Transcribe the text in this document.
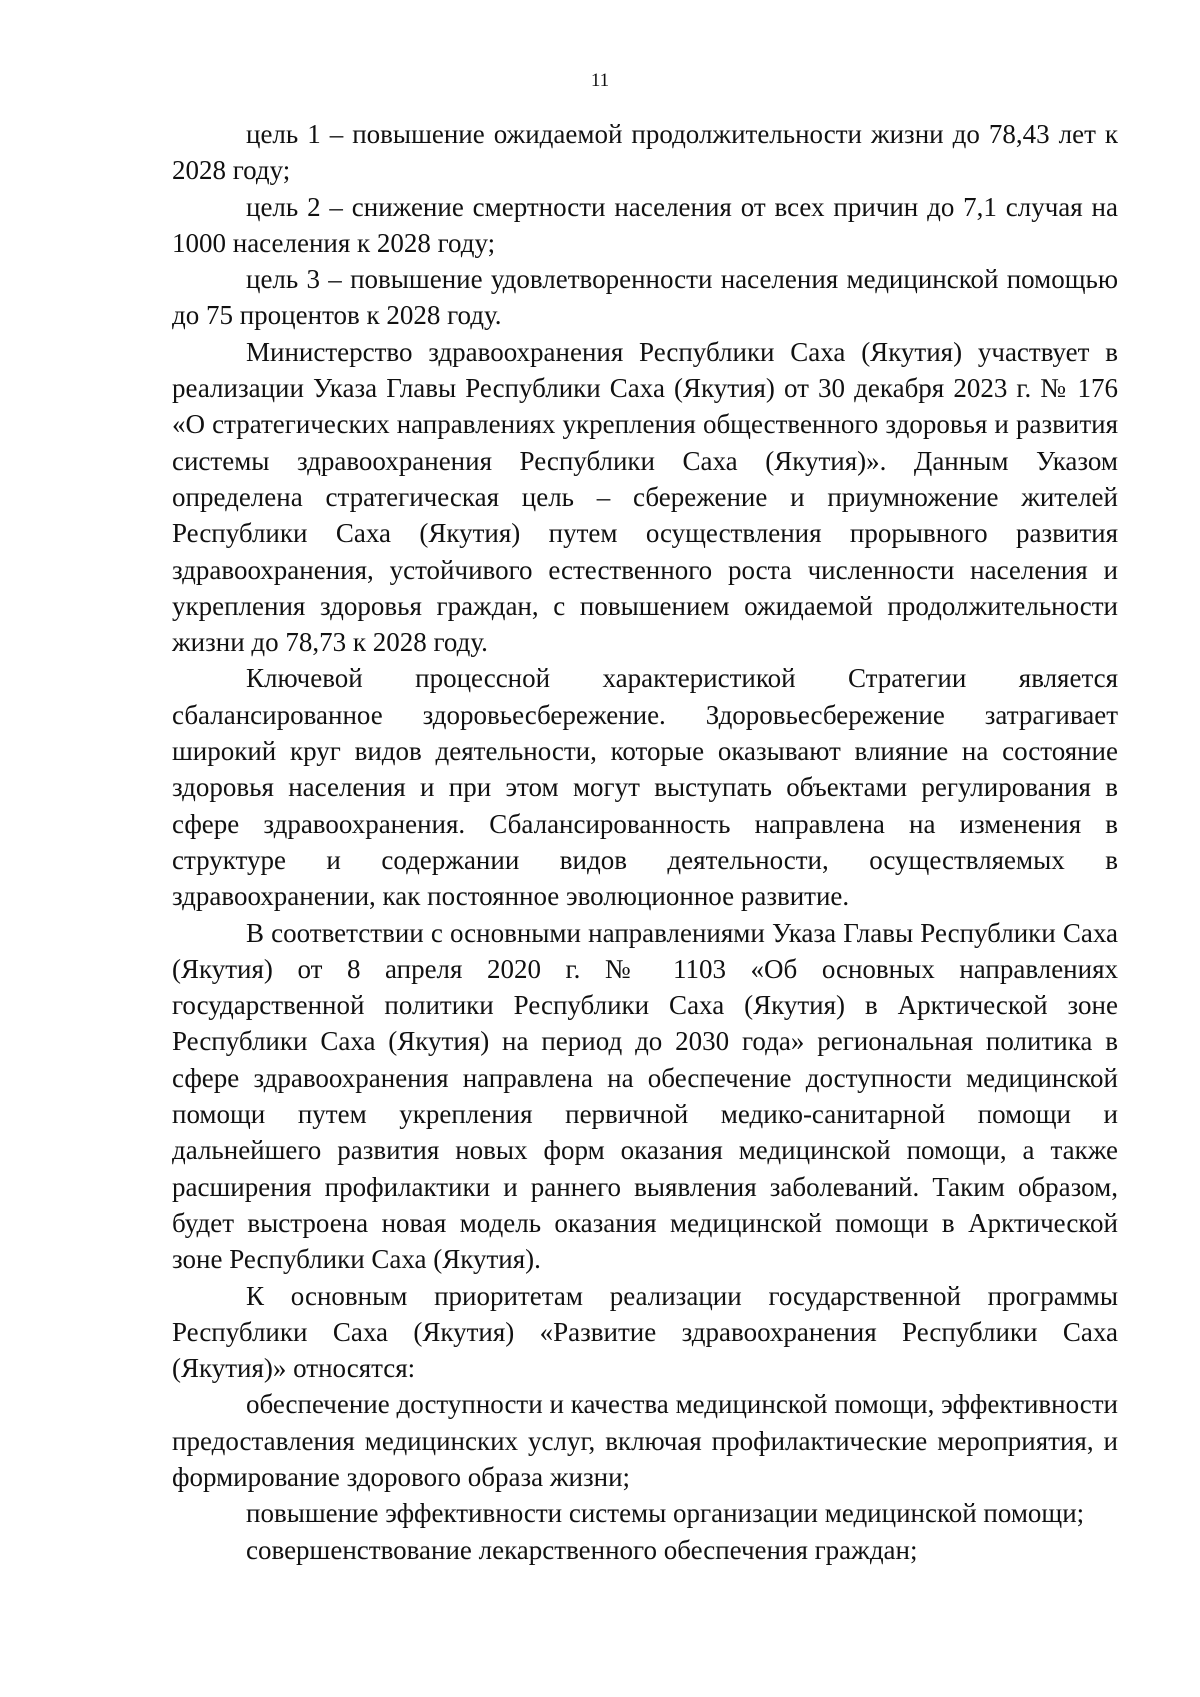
11

цель 1 – повышение ожидаемой продолжительности жизни до 78,43 лет к 2028 году;

цель 2 – снижение смертности населения от всех причин до 7,1 случая на 1000 населения к 2028 году;

цель 3 – повышение удовлетворенности населения медицинской помощью до 75 процентов к 2028 году.

Министерство здравоохранения Республики Саха (Якутия) участвует в реализации Указа Главы Республики Саха (Якутия) от 30 декабря 2023 г. № 176 «О стратегических направлениях укрепления общественного здоровья и развития системы здравоохранения Республики Саха (Якутия)». Данным Указом определена стратегическая цель – сбережение и приумножение жителей Республики Саха (Якутия) путем осуществления прорывного развития здравоохранения, устойчивого естественного роста численности населения и укрепления здоровья граждан, с повышением ожидаемой продолжительности жизни до 78,73 к 2028 году.

Ключевой процессной характеристикой Стратегии является сбалансированное здоровьесбережение. Здоровьесбережение затрагивает широкий круг видов деятельности, которые оказывают влияние на состояние здоровья населения и при этом могут выступать объектами регулирования в сфере здравоохранения. Сбалансированность направлена на изменения в структуре и содержании видов деятельности, осуществляемых в здравоохранении, как постоянное эволюционное развитие.

В соответствии с основными направлениями Указа Главы Республики Саха (Якутия) от 8 апреля 2020 г. № 1103 «Об основных направлениях государственной политики Республики Саха (Якутия) в Арктической зоне Республики Саха (Якутия) на период до 2030 года» региональная политика в сфере здравоохранения направлена на обеспечение доступности медицинской помощи путем укрепления первичной медико-санитарной помощи и дальнейшего развития новых форм оказания медицинской помощи, а также расширения профилактики и раннего выявления заболеваний. Таким образом, будет выстроена новая модель оказания медицинской помощи в Арктической зоне Республики Саха (Якутия).

К основным приоритетам реализации государственной программы Республики Саха (Якутия) «Развитие здравоохранения Республики Саха (Якутия)» относятся:

обеспечение доступности и качества медицинской помощи, эффективности предоставления медицинских услуг, включая профилактические мероприятия, и формирование здорового образа жизни;

повышение эффективности системы организации медицинской помощи;

совершенствование лекарственного обеспечения граждан;
